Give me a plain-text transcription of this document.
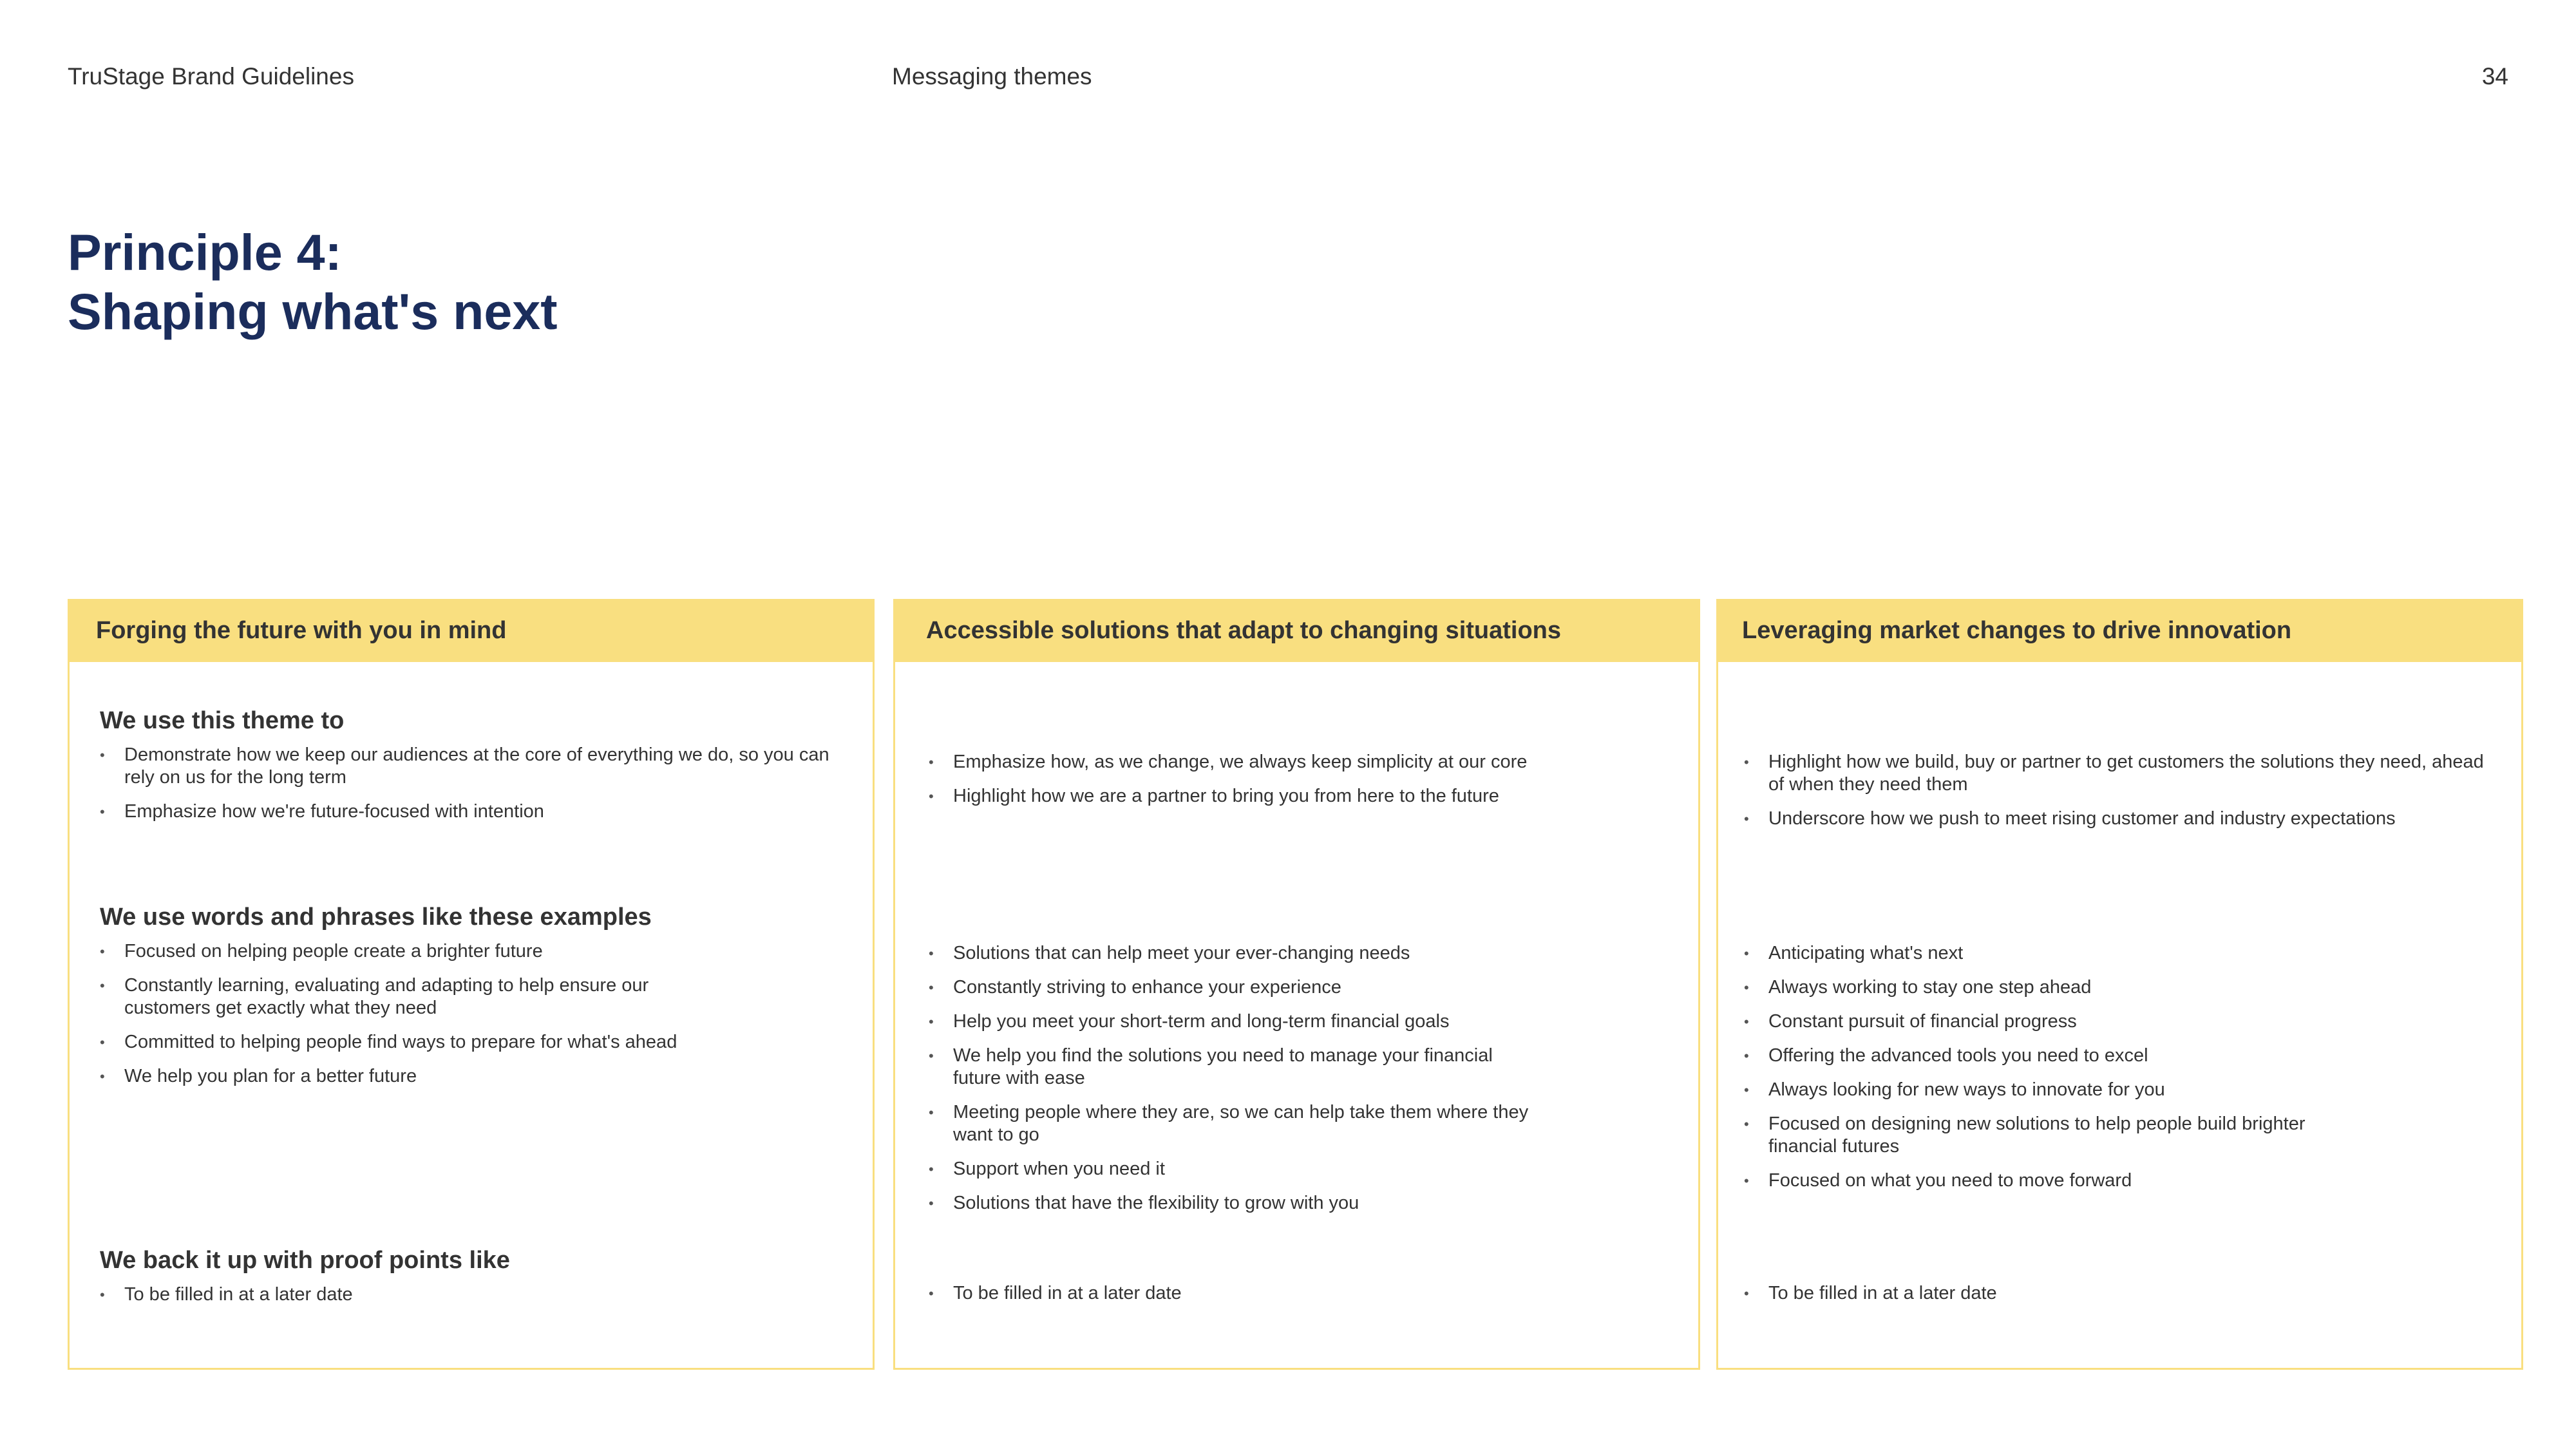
TruStage Brand Guidelines	Messaging themes	34
Principle 4:
Shaping what's next
Forging the future with you in mind
We use this theme to
• Demonstrate how we keep our audiences at the core of everything we do, so you can rely on us for the long term
• Emphasize how we're future-focused with intention
We use words and phrases like these examples
• Focused on helping people create a brighter future
• Constantly learning, evaluating and adapting to help ensure our customers get exactly what they need
• Committed to helping people find ways to prepare for what's ahead
• We help you plan for a better future
We back it up with proof points like
• To be filled in at a later date
Accessible solutions that adapt to changing situations
• Emphasize how, as we change, we always keep simplicity at our core
• Highlight how we are a partner to bring you from here to the future
• Solutions that can help meet your ever-changing needs
• Constantly striving to enhance your experience
• Help you meet your short-term and long-term financial goals
• We help you find the solutions you need to manage your financial future with ease
• Meeting people where they are, so we can help take them where they want to go
• Support when you need it
• Solutions that have the flexibility to grow with you
• To be filled in at a later date
Leveraging market changes to drive innovation
• Highlight how we build, buy or partner to get customers the solutions they need, ahead of when they need them
• Underscore how we push to meet rising customer and industry expectations
• Anticipating what's next
• Always working to stay one step ahead
• Constant pursuit of financial progress
• Offering the advanced tools you need to excel
• Always looking for new ways to innovate for you
• Focused on designing new solutions to help people build brighter financial futures
• Focused on what you need to move forward
• To be filled in at a later date
